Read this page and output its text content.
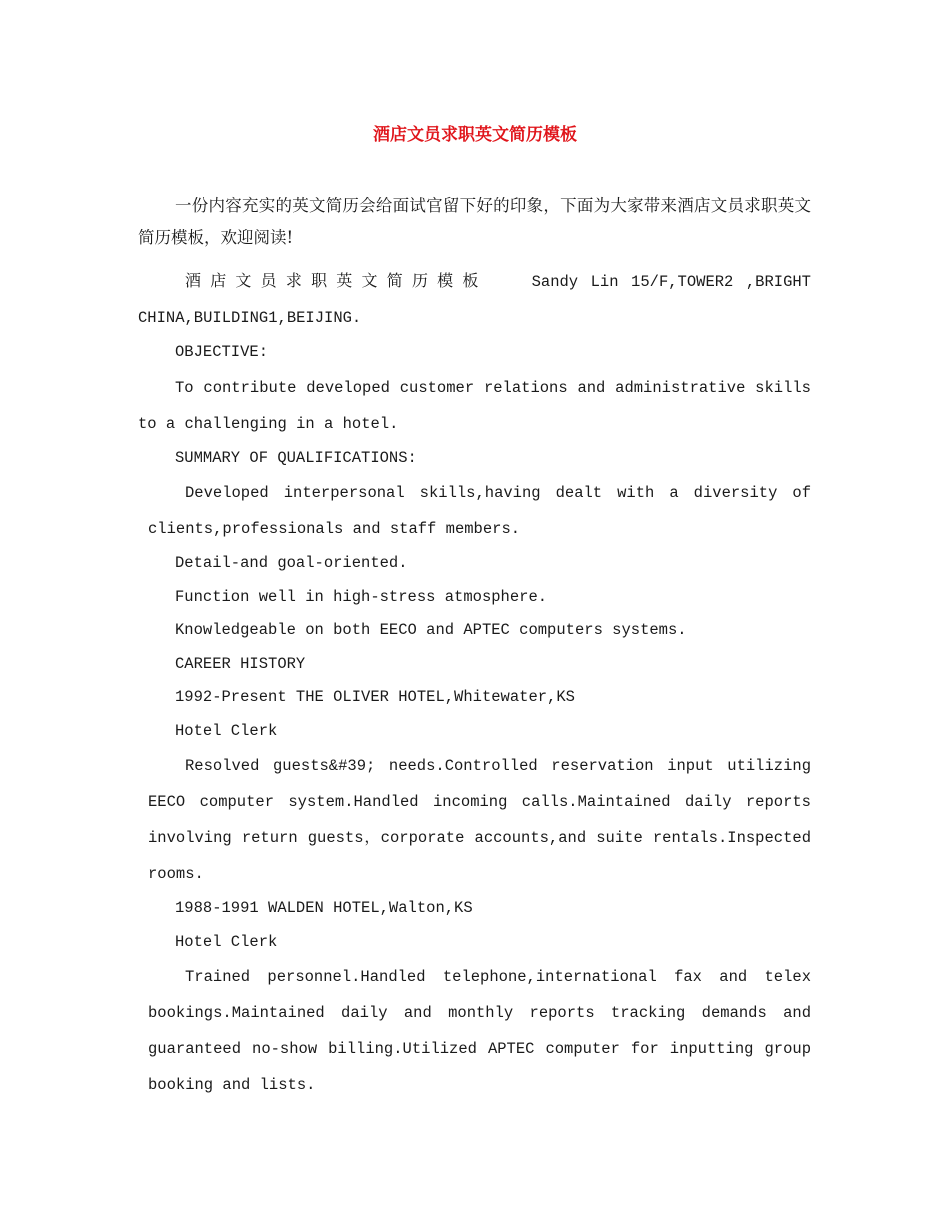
酒店文员求职英文简历模板

一份内容充实的英文简历会给面试官留下好的印象，下面为大家带来酒店文员求职英文简历模板，欢迎阅读!

酒店文员求职英文简历模板	Sandy Lin 15/F,TOWER2 ,BRIGHT CHINA,BUILDING1,BEIJING.

OBJECTIVE:

To contribute developed customer relations and administrative skills to a challenging in a hotel.

SUMMARY OF QUALIFICATIONS:

Developed interpersonal skills,having dealt with a diversity of clients,professionals and staff members.

Detail-and goal-oriented.

Function well in high-stress atmosphere.

Knowledgeable on both EECO and APTEC computers systems.

CAREER HISTORY

1992-Present THE OLIVER HOTEL,Whitewater,KS

Hotel Clerk

Resolved guests&#39; needs.Controlled reservation input utilizing EECO computer system.Handled incoming calls.Maintained daily reports involving return guests，corporate accounts,and suite rentals.Inspected rooms.

1988-1991 WALDEN HOTEL,Walton,KS

Hotel Clerk

Trained personnel.Handled telephone,international fax and telex bookings.Maintained daily and monthly reports tracking demands and guaranteed no-show billing.Utilized APTEC computer for inputting group booking and lists.
